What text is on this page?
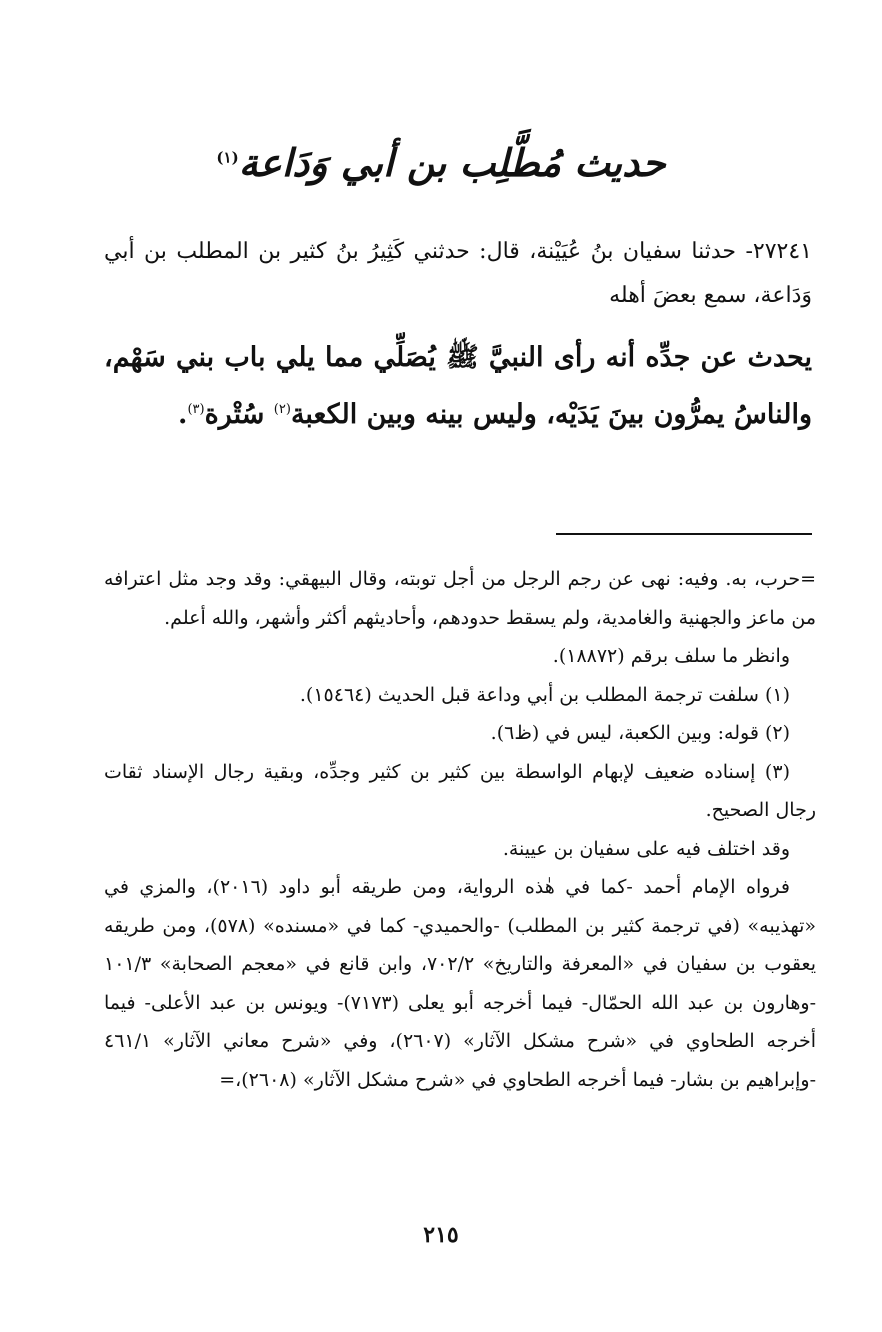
حديث مُطَّلِب بن أبي وَدَاعة$^{(١)}$
٢٧٢٤١- حدثنا سفيان بنُ عُيَيْنة، قال: حدثني كَثِيرُ بنُ كثير بن المطلب بن أبي وَدَاعة، سمع بعضَ أهله
يحدث عن جدِّه أنه رأى النبيَّ ﷺ يُصَلِّي مما يلي باب بني سَهْم، والناسُ يمرُّون بينَ يَدَيْه، وليس بينه وبين الكعبة$^{(٢)}$ سُتْرة$^{(٣)}$.

=حرب، به. وفيه: نهى عن رجم الرجل من أجل توبته، وقال البيهقي: وقد وجد مثل اعترافه من ماعز والجهنية والغامدية، ولم يسقط حدودهم، وأحاديثهم أكثر وأشهر، والله أعلم.

وانظر ما سلف برقم (١٨٨٧٢).

(١) سلفت ترجمة المطلب بن أبي وداعة قبل الحديث (١٥٤٦٤).

(٢) قوله: وبين الكعبة، ليس في (ظ٦).

(٣) إسناده ضعيف لإبهام الواسطة بين كثير بن كثير وجدِّه، وبقية رجال الإسناد ثقات رجال الصحيح.

وقد اختلف فيه على سفيان بن عيينة.

فرواه الإمام أحمد -كما في هٰذه الرواية، ومن طريقه أبو داود (٢٠١٦)، والمزي في «تهذيبه» (في ترجمة كثير بن المطلب) -والحميدي- كما في «مسنده» (٥٧٨)، ومن طريقه يعقوب بن سفيان في «المعرفة والتاريخ» ٧٠٢/٢، وابن قانع في «معجم الصحابة» ١٠١/٣ -وهارون بن عبد الله الحمّال- فيما أخرجه أبو يعلى (٧١٧٣)- ويونس بن عبد الأعلى- فيما أخرجه الطحاوي في «شرح مشكل الآثار» (٢٦٠٧)، وفي «شرح معاني الآثار» ٤٦١/١ -وإبراهيم بن بشار- فيما أخرجه الطحاوي في «شرح مشكل الآثار» (٢٦٠٨)،=

٢١٥
